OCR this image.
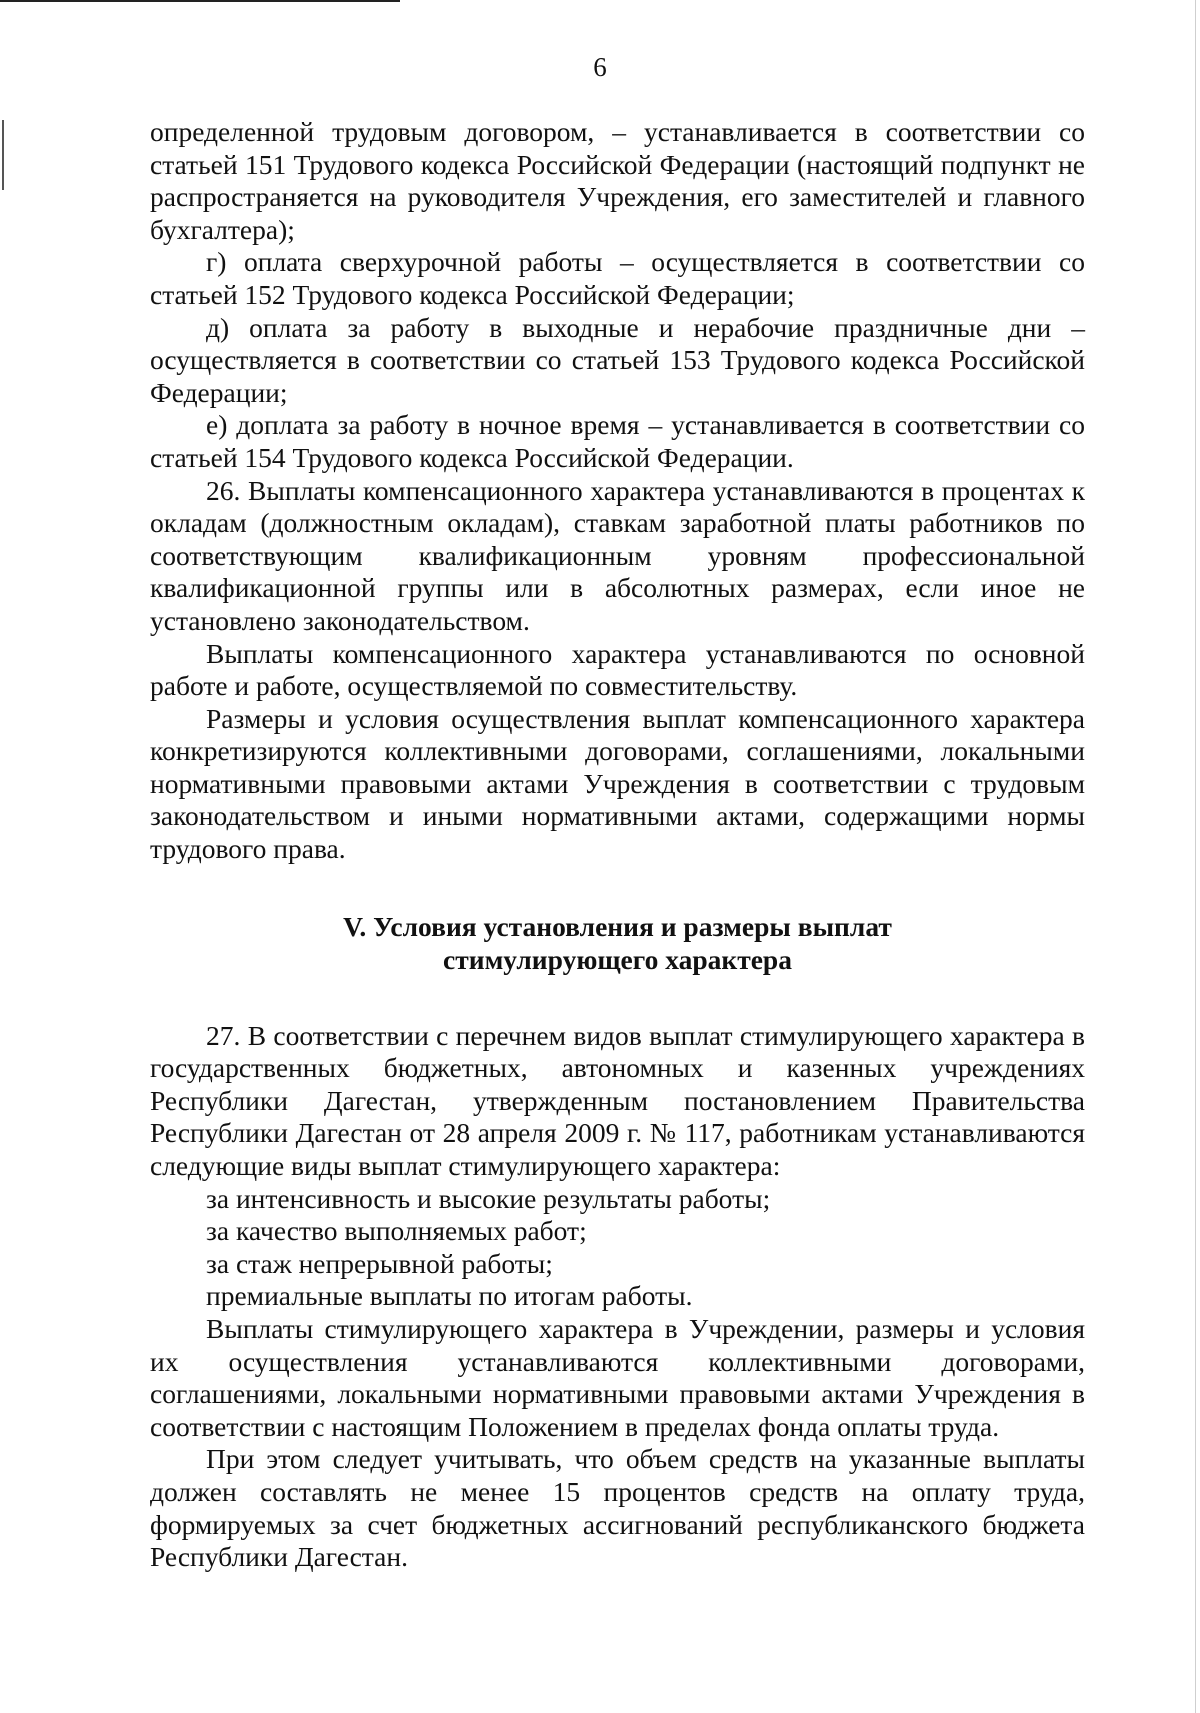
6

определенной трудовым договором, – устанавливается в соответствии со статьей 151 Трудового кодекса Российской Федерации (настоящий подпункт не распространяется на руководителя Учреждения, его заместителей и главного бухгалтера);

г) оплата сверхурочной работы – осуществляется в соответствии со статьей 152 Трудового кодекса Российской Федерации;

д) оплата за работу в выходные и нерабочие праздничные дни – осуществляется в соответствии со статьей 153 Трудового кодекса Российской Федерации;

е) доплата за работу в ночное время – устанавливается в соответствии со статьей 154 Трудового кодекса Российской Федерации.

26. Выплаты компенсационного характера устанавливаются в процентах к окладам (должностным окладам), ставкам заработной платы работников по соответствующим квалификационным уровням профессиональной квалификационной группы или в абсолютных размерах, если иное не установлено законодательством.

Выплаты компенсационного характера устанавливаются по основной работе и работе, осуществляемой по совместительству.

Размеры и условия осуществления выплат компенсационного характера конкретизируются коллективными договорами, соглашениями, локальными нормативными правовыми актами Учреждения в соответствии с трудовым законодательством и иными нормативными актами, содержащими нормы трудового права.

V. Условия установления и размеры выплат
стимулирующего характера

27. В соответствии с перечнем видов выплат стимулирующего характера в государственных бюджетных, автономных и казенных учреждениях Республики Дагестан, утвержденным постановлением Правительства Республики Дагестан от 28 апреля 2009 г. № 117, работникам устанавливаются следующие виды выплат стимулирующего характера:

за интенсивность и высокие результаты работы;

за качество выполняемых работ;

за стаж непрерывной работы;

премиальные выплаты по итогам работы.

Выплаты стимулирующего характера в Учреждении, размеры и условия их осуществления устанавливаются коллективными договорами, соглашениями, локальными нормативными правовыми актами Учреждения в соответствии с настоящим Положением в пределах фонда оплаты труда.

При этом следует учитывать, что объем средств на указанные выплаты должен составлять не менее 15 процентов средств на оплату труда, формируемых за счет бюджетных ассигнований республиканского бюджета Республики Дагестан.
